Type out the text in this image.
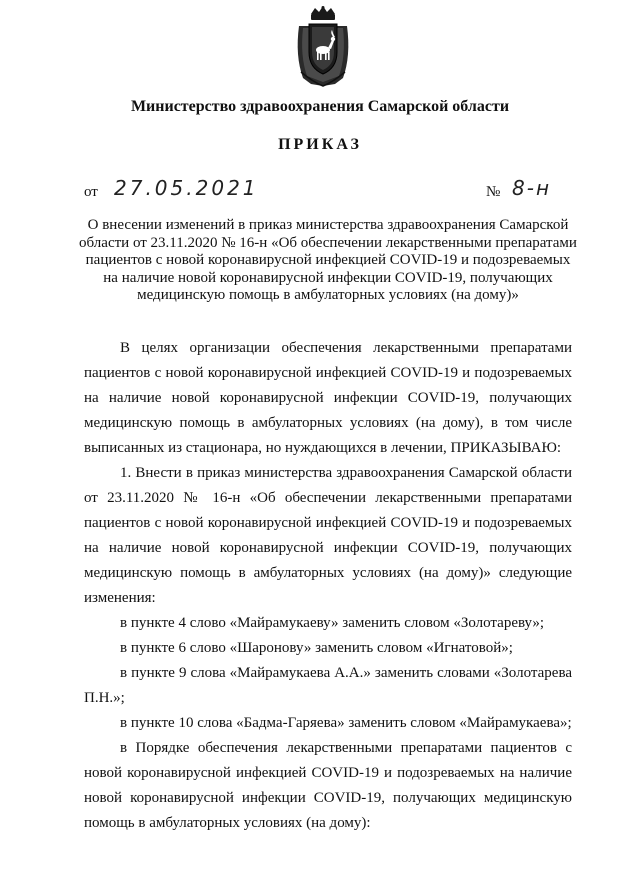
Министерство здравоохранения Самарской области
ПРИКАЗ
от 27.05.2021	№ 8-н
О внесении изменений в приказ министерства здравоохранения Самарской
области от 23.11.2020 № 16-н «Об обеспечении лекарственными препаратами
пациентов с новой коронавирусной инфекцией COVID-19 и подозреваемых
на наличие новой коронавирусной инфекции COVID-19, получающих
медицинскую помощь в амбулаторных условиях (на дому)»

В целях организации обеспечения лекарственными препаратами пациентов с новой коронавирусной инфекцией COVID-19 и подозреваемых на наличие новой коронавирусной инфекции COVID-19, получающих медицинскую помощь в амбулаторных условиях (на дому), в том числе выписанных из стационара, но нуждающихся в лечении, ПРИКАЗЫВАЮ:

1. Внести в приказ министерства здравоохранения Самарской области от 23.11.2020 № 16-н «Об обеспечении лекарственными препаратами пациентов с новой коронавирусной инфекцией COVID-19 и подозреваемых на наличие новой коронавирусной инфекции COVID-19, получающих медицинскую помощь в амбулаторных условиях (на дому)» следующие изменения:

в пункте 4 слово «Майрамукаеву» заменить словом «Золотареву»;

в пункте 6 слово «Шаронову» заменить словом «Игнатовой»;

в пункте 9 слова «Майрамукаева А.А.» заменить словами «Золотарева П.Н.»;

в пункте 10 слова «Бадма-Гаряева» заменить словом «Майрамукаева»;

в Порядке обеспечения лекарственными препаратами пациентов с новой коронавирусной инфекцией COVID-19 и подозреваемых на наличие новой коронавирусной инфекции COVID-19, получающих медицинскую помощь в амбулаторных условиях (на дому):
